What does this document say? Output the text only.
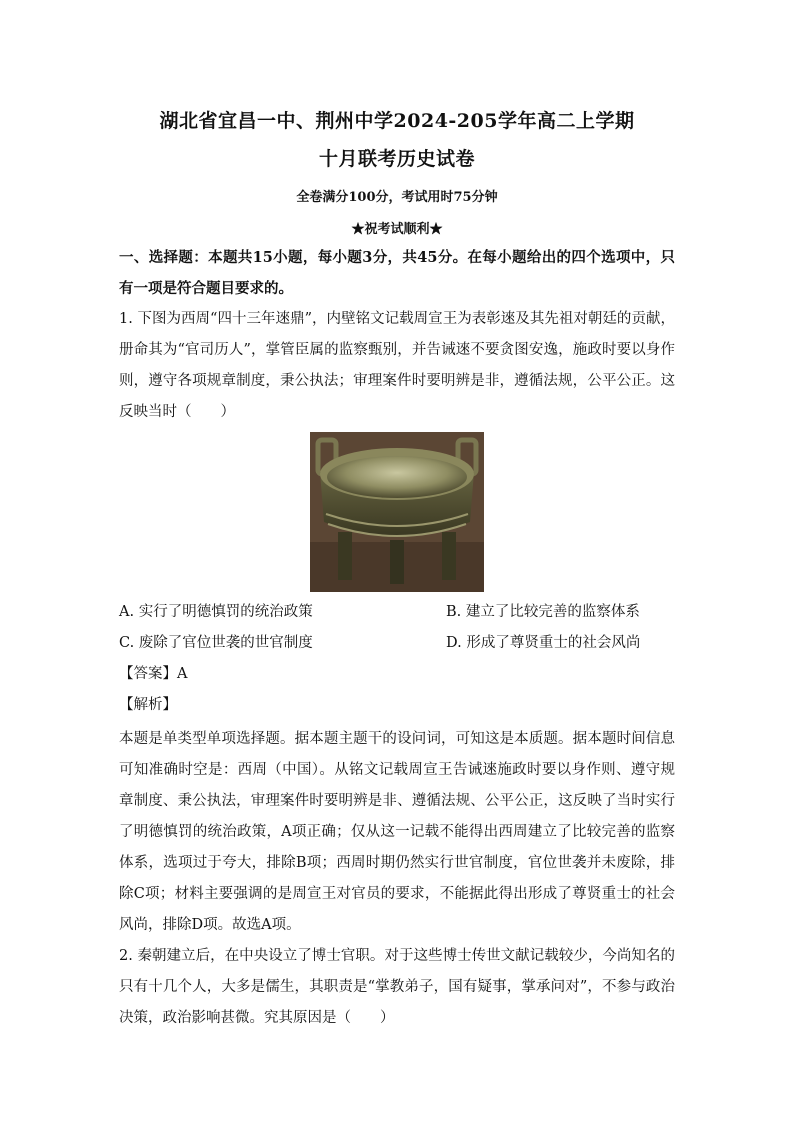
湖北省宜昌一中、荆州中学2024-205学年高二上学期
十月联考历史试卷
全卷满分100分，考试用时75分钟
★祝考试顺利★
一、选择题：本题共15小题，每小题3分，共45分。在每小题给出的四个选项中，只有一项是符合题目要求的。
1. 下图为西周“四十三年逨鼎”，内壁铭文记载周宣王为表彰逨及其先祖对朝廷的贡献，册命其为“官司历人”，掌管臣属的监察甄别，并告诫逨不要贪图安逸，施政时要以身作则，遵守各项规章制度，秉公执法；审理案件时要明辨是非，遵循法规，公平公正。这反映当时（　　）
A. 实行了明德慎罚的统治政策	B. 建立了比较完善的监察体系
C. 废除了官位世袭的世官制度	D. 形成了尊贤重士的社会风尚
【答案】A
【解析】
本题是单类型单项选择题。据本题主题干的设问词，可知这是本质题。据本题时间信息可知准确时空是：西周（中国）。从铭文记载周宣王告诫逨施政时要以身作则、遵守规章制度、秉公执法，审理案件时要明辨是非、遵循法规、公平公正，这反映了当时实行了明德慎罚的统治政策，A项正确；仅从这一记载不能得出西周建立了比较完善的监察体系，选项过于夸大，排除B项；西周时期仍然实行世官制度，官位世袭并未废除，排除C项；材料主要强调的是周宣王对官员的要求，不能据此得出形成了尊贤重士的社会风尚，排除D项。故选A项。
2. 秦朝建立后，在中央设立了博士官职。对于这些博士传世文献记载较少，今尚知名的只有十几个人，大多是儒生，其职责是“掌教弟子，国有疑事，掌承问对”，不参与政治决策，政治影响甚微。究其原因是（　　）
